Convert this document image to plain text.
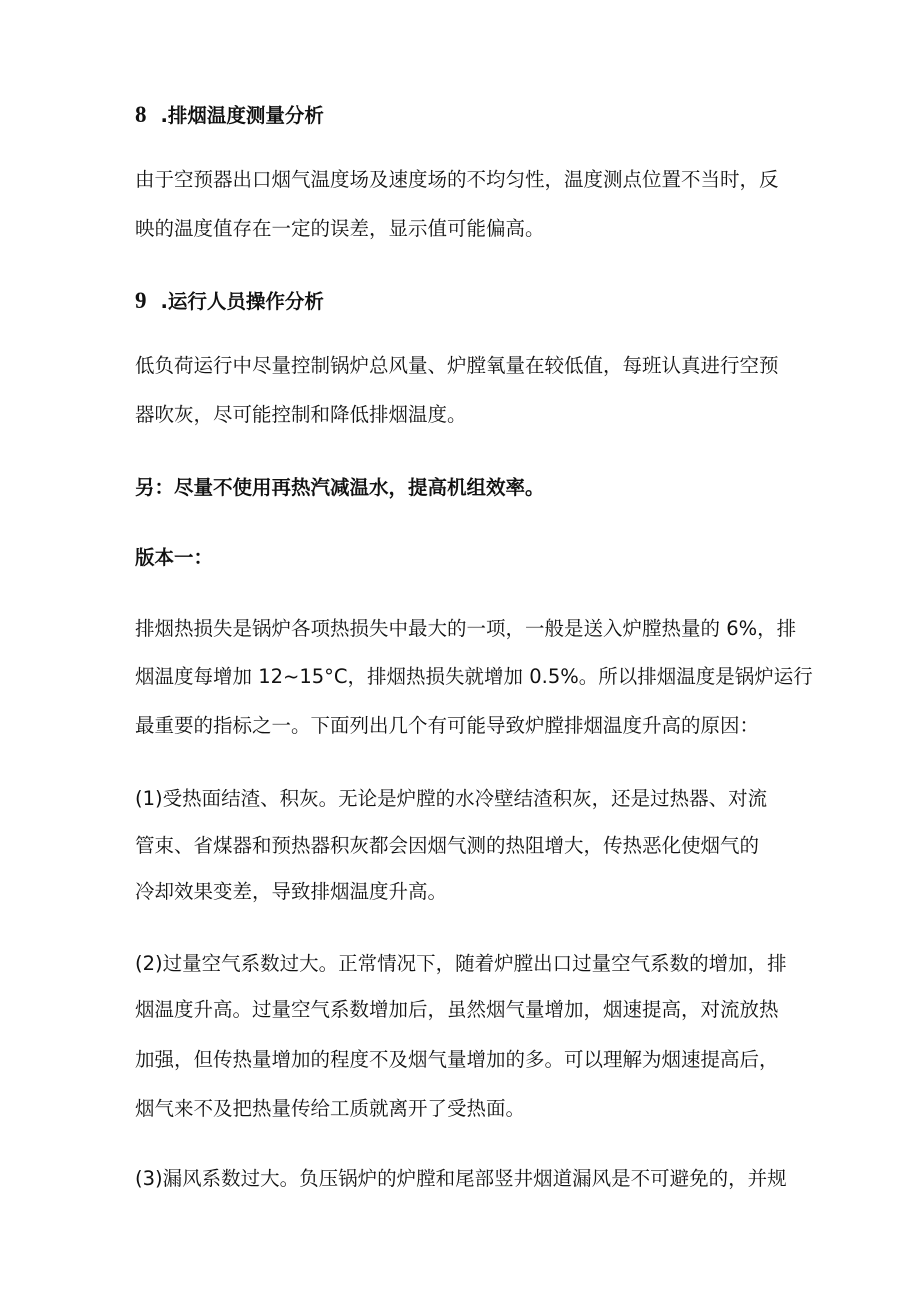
8 .排烟温度测量分析
由于空预器出口烟气温度场及速度场的不均匀性，温度测点位置不当时，反
映的温度值存在一定的误差，显示值可能偏高。
9 .运行人员操作分析
低负荷运行中尽量控制锅炉总风量、炉膛氧量在较低值，每班认真进行空预
器吹灰，尽可能控制和降低排烟温度。
另：尽量不使用再热汽减温水，提高机组效率。
版本一：
排烟热损失是锅炉各项热损失中最大的一项，一般是送入炉膛热量的 6%，排
烟温度每增加 12~15°C，排烟热损失就增加 0.5%。所以排烟温度是锅炉运行
最重要的指标之一。下面列出几个有可能导致炉膛排烟温度升高的原因：
(1)受热面结渣、积灰。无论是炉膛的水冷壁结渣积灰，还是过热器、对流
管束、省煤器和预热器积灰都会因烟气测的热阻增大，传热恶化使烟气的
冷却效果变差，导致排烟温度升高。
(2)过量空气系数过大。正常情况下，随着炉膛出口过量空气系数的增加，排
烟温度升高。过量空气系数增加后，虽然烟气量增加，烟速提高，对流放热
加强，但传热量增加的程度不及烟气量增加的多。可以理解为烟速提高后，
烟气来不及把热量传给工质就离开了受热面。
(3)漏风系数过大。负压锅炉的炉膛和尾部竖井烟道漏风是不可避免的，并规
